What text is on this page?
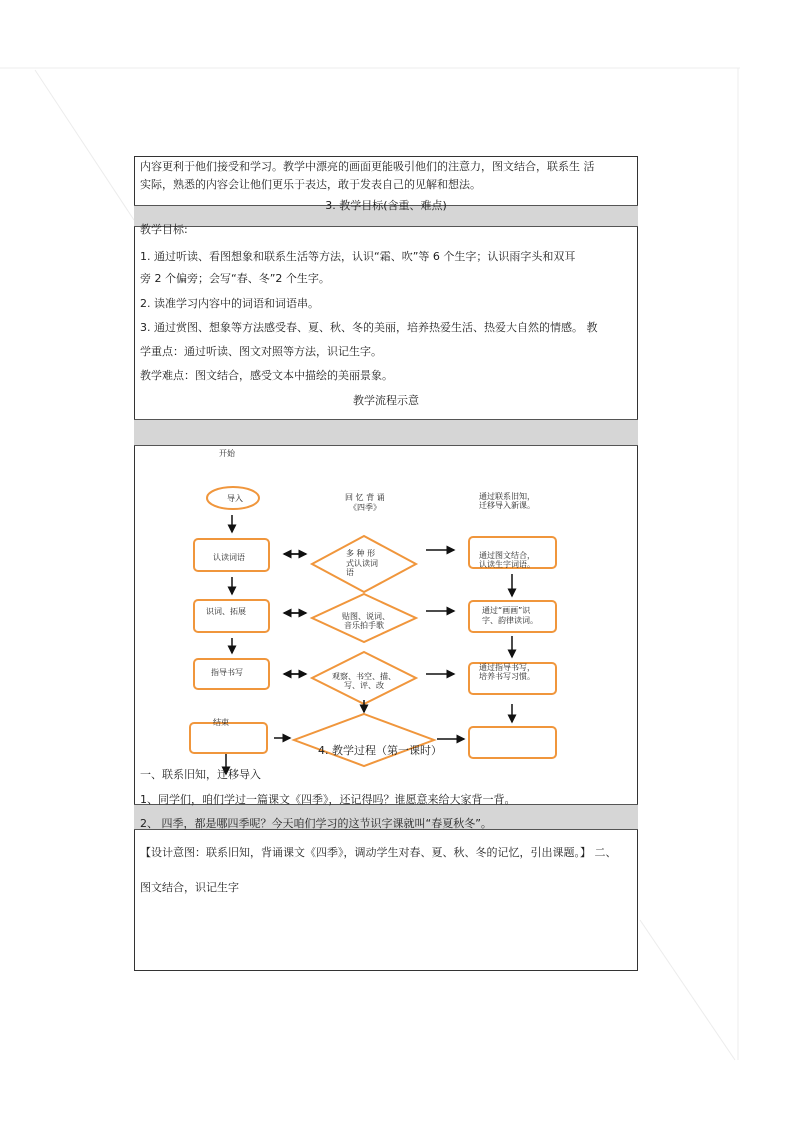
内容更利于他们接受和学习。教学中漂亮的画面更能吸引他们的注意力，图文结合，联系生 活
实际，熟悉的内容会让他们更乐于表达，敢于发表自己的见解和想法。
3. 教学目标(含重、难点)
教学目标:
1. 通过听读、看图想象和联系生活等方法，认识“霜、吹”等 6 个生字；认识雨字头和双耳
旁 2 个偏旁；会写“春、冬”2 个生字。
2. 读准学习内容中的词语和词语串。
3. 通过赏图、想象等方法感受春、夏、秋、冬的美丽，培养热爱生活、热爱大自然的情感。 教
学重点：通过听读、图文对照等方法，识记生字。
教学难点：图文结合，感受文本中描绘的美丽景象。
教学流程示意
开始
导入
认读词语
识词、拓展
指导书写
结束
回 忆 背 诵
《四季》
多 种 形
式认读词
语
贴图、说词、
音乐拍手歌
观察、书空、描、
写、评、改
通过联系旧知，
迁移导入新课。
通过图文结合，
认读生字词语。
通过“画画”识
字、韵律读词。
通过指导书写，
培养书写习惯。
4. 教学过程（第一课时）
一、联系旧知，迁移导入
1、同学们，咱们学过一篇课文《四季》，还记得吗？谁愿意来给大家背一背。
2、 四季，都是哪四季呢？今天咱们学习的这节识字课就叫“春夏秋冬”。
【设计意图：联系旧知，背诵课文《四季》，调动学生对春、夏、秋、冬的记忆，引出课题。】 二、
图文结合，识记生字
